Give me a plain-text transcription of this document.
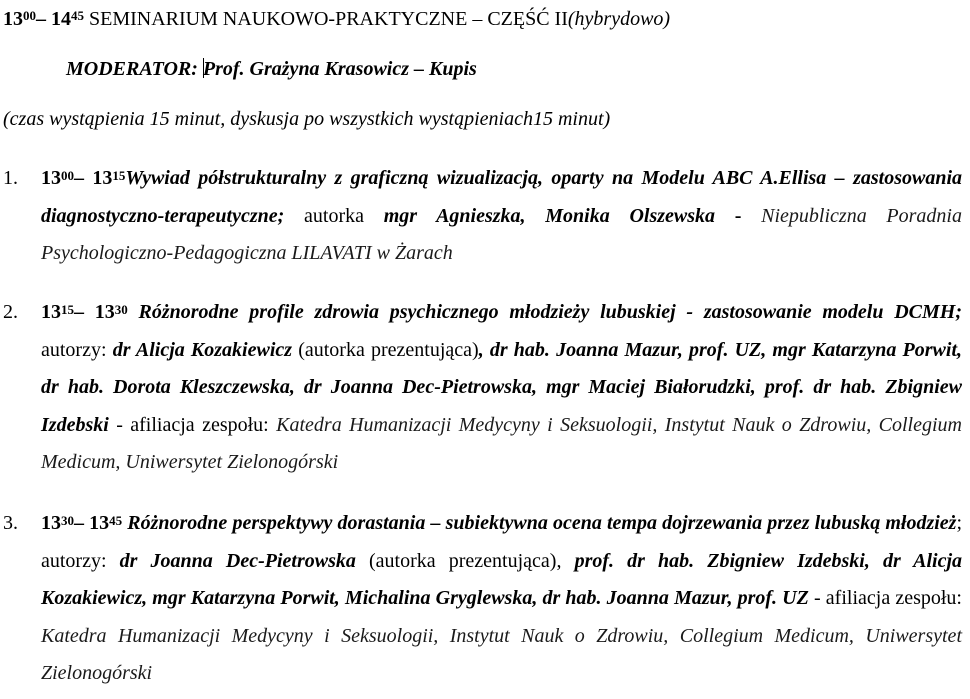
$13^{00}-$ $14^{45}$ SEMINARIUM NAUKOWO-PRAKTYCZNE – CZĘŚĆ II(hybrydowo)
MODERATOR: Prof. Grażyna Krasowicz – Kupis
(czas wystąpienia 15 minut, dyskusja po wszystkich wystąpieniach15 minut)
1. $13^{00}-$ $13^{15}Wywiad$ półstrukturalny z graficzną wizualizacją, oparty na Modelu ABC A.Ellisa – zastosowania diagnostyczno-terapeutyczne; autorka mgr Agnieszka, Monika Olszewska - Niepubliczna Poradnia Psychologiczno-Pedagogiczna LILAVATI w Żarach
2. $13^{15}-$ $13^{30}$ Różnorodne profile zdrowia psychicznego młodzieży lubuskiej - zastosowanie modelu DCMH; autorzy: dr Alicja Kozakiewicz (autorka prezentująca), dr hab. Joanna Mazur, prof. UZ, mgr Katarzyna Porwit, dr hab. Dorota Kleszczewska, dr Joanna Dec-Pietrowska, mgr Maciej Białorudzki, prof. dr hab. Zbigniew Izdebski - afiliacja zespołu: Katedra Humanizacji Medycyny i Seksuologii, Instytut Nauk o Zdrowiu, Collegium Medicum, Uniwersytet Zielonogórski
3. $13^{30}-$ $13^{45}$ Różnorodne perspektywy dorastania – subiektywna ocena tempa dojrzewania przez lubuską młodzież; autorzy: dr Joanna Dec-Pietrowska (autorka prezentująca), prof. dr hab. Zbigniew Izdebski, dr Alicja Kozakiewicz, mgr Katarzyna Porwit, Michalina Gryglewska, dr hab. Joanna Mazur, prof. UZ - afiliacja zespołu: Katedra Humanizacji Medycyny i Seksuologii, Instytut Nauk o Zdrowiu, Collegium Medicum, Uniwersytet Zielonogórski
